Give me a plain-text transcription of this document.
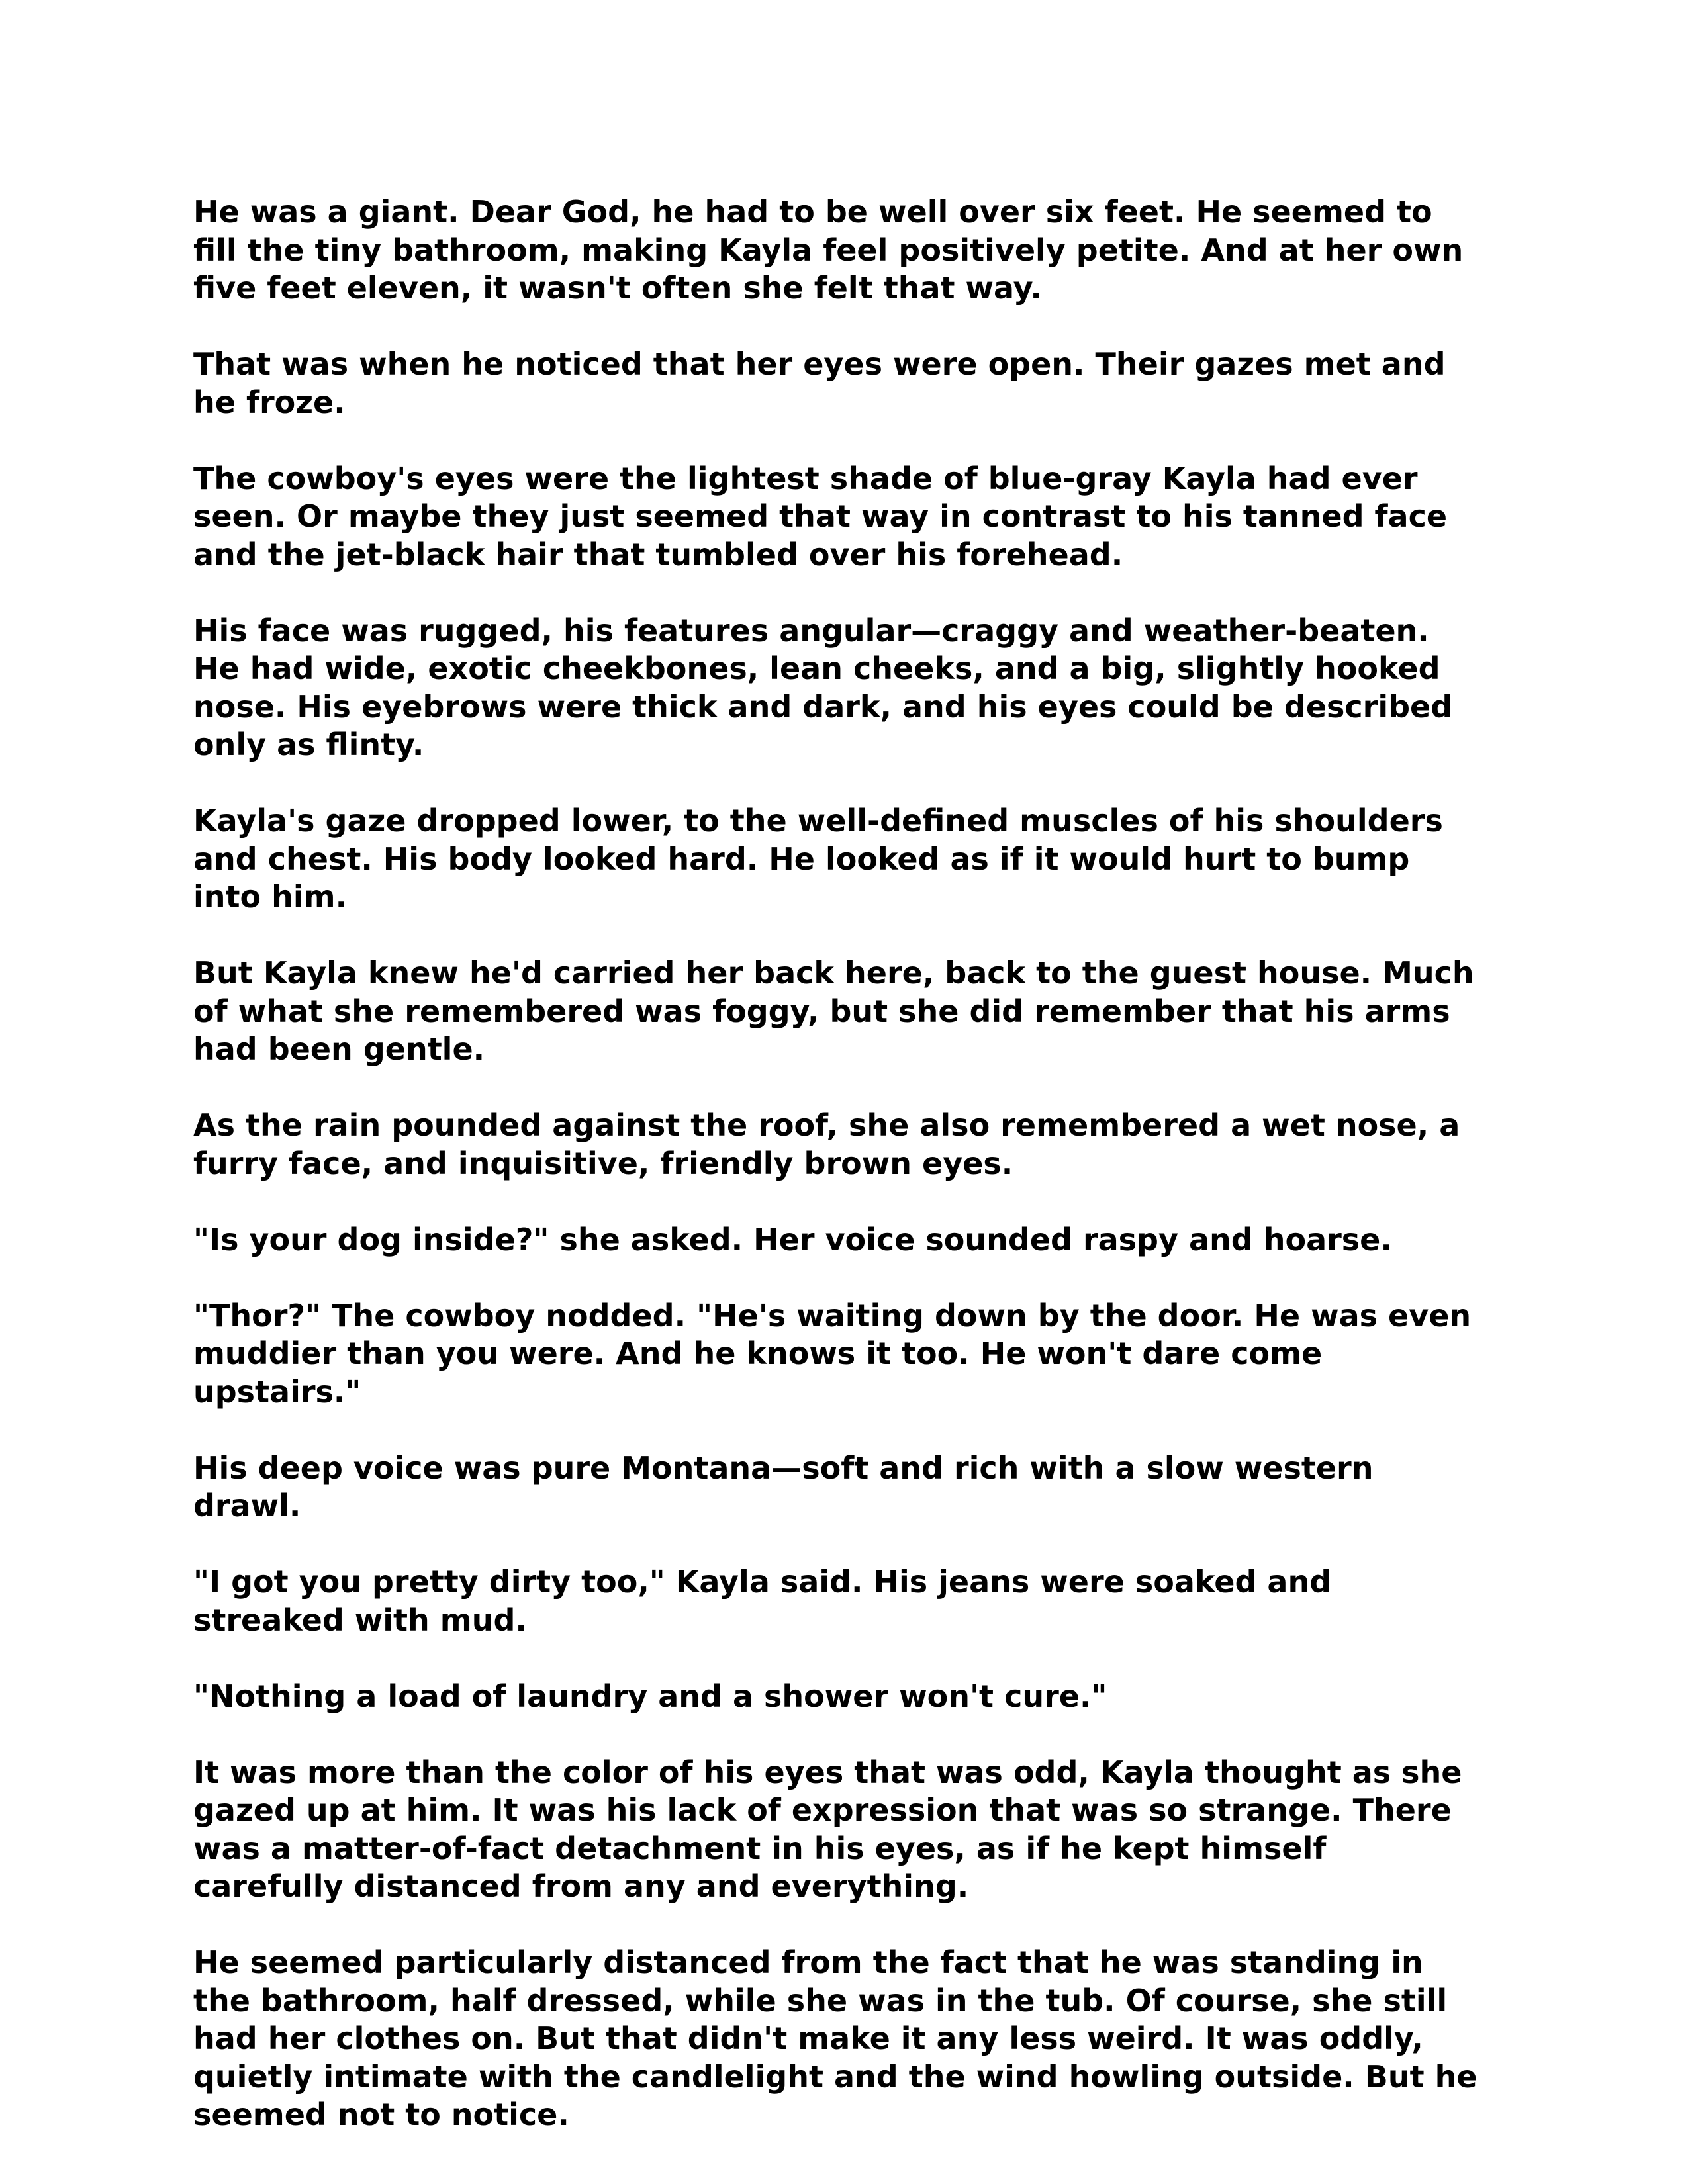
He was a giant. Dear God, he had to be well over six feet. He seemed to fill the tiny bathroom, making Kayla feel positively petite. And at her own five feet eleven, it wasn't often she felt that way.

That was when he noticed that her eyes were open. Their gazes met and he froze.

The cowboy's eyes were the lightest shade of blue-gray Kayla had ever seen. Or maybe they just seemed that way in contrast to his tanned face and the jet-black hair that tumbled over his forehead.

His face was rugged, his features angular—craggy and weather-beaten. He had wide, exotic cheekbones, lean cheeks, and a big, slightly hooked nose. His eyebrows were thick and dark, and his eyes could be described only as flinty.

Kayla's gaze dropped lower, to the well-defined muscles of his shoulders and chest. His body looked hard. He looked as if it would hurt to bump into him.

But Kayla knew he'd carried her back here, back to the guest house. Much of what she remembered was foggy, but she did remember that his arms had been gentle.

As the rain pounded against the roof, she also remembered a wet nose, a furry face, and inquisitive, friendly brown eyes.

"Is your dog inside?" she asked. Her voice sounded raspy and hoarse.

"Thor?" The cowboy nodded. "He's waiting down by the door. He was even muddier than you were. And he knows it too. He won't dare come upstairs."

His deep voice was pure Montana—soft and rich with a slow western drawl.

"I got you pretty dirty too," Kayla said. His jeans were soaked and streaked with mud.

"Nothing a load of laundry and a shower won't cure."

It was more than the color of his eyes that was odd, Kayla thought as she gazed up at him. It was his lack of expression that was so strange. There was a matter-of-fact detachment in his eyes, as if he kept himself carefully distanced from any and everything.

He seemed particularly distanced from the fact that he was standing in the bathroom, half dressed, while she was in the tub. Of course, she still had her clothes on. But that didn't make it any less weird. It was oddly, quietly intimate with the candlelight and the wind howling outside. But he seemed not to notice.
